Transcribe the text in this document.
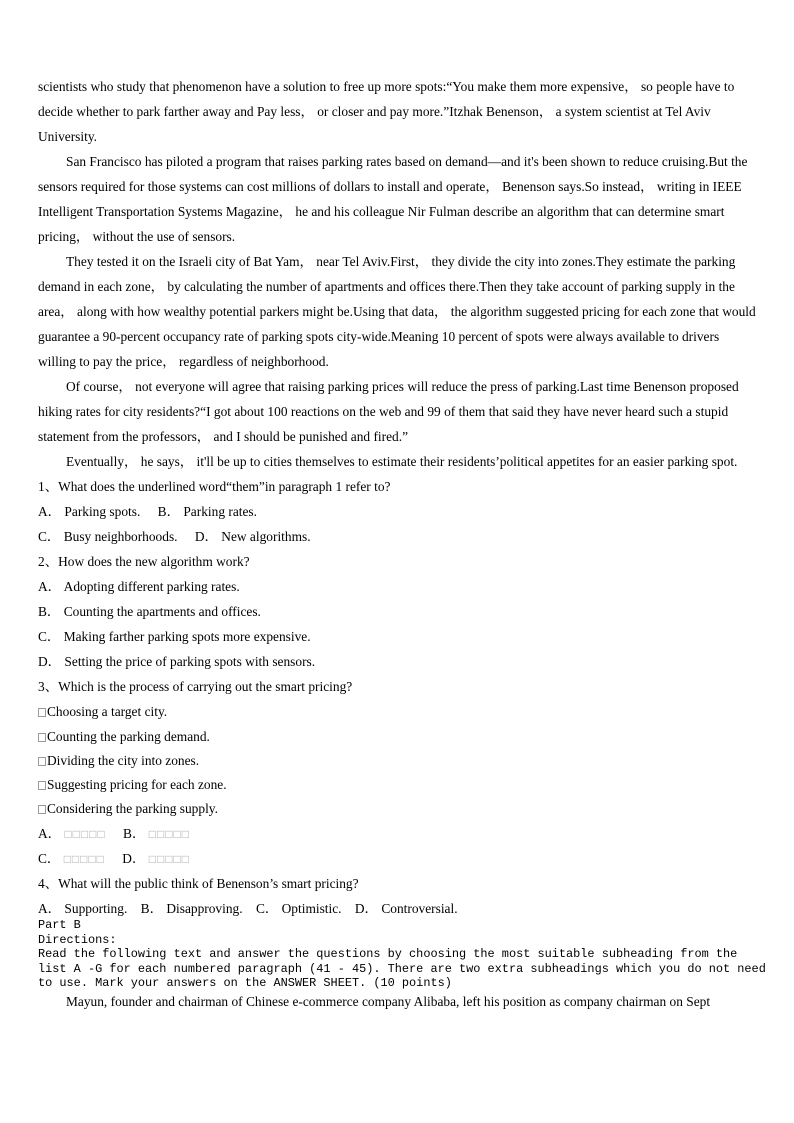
scientists who study that phenomenon have a solution to free up more spots:“You make them more expensive， so people have to decide whether to park farther away and Pay less， or closer and pay more.”Itzhak Benenson， a system scientist at Tel Aviv University.

San Francisco has piloted a program that raises parking rates based on demand—and it's been shown to reduce cruising.But the sensors required for those systems can cost millions of dollars to install and operate， Benenson says.So instead， writing in IEEE Intelligent Transportation Systems Magazine， he and his colleague Nir Fulman describe an algorithm that can determine smart pricing， without the use of sensors.

They tested it on the Israeli city of Bat Yam， near Tel Aviv.First， they divide the city into zones.They estimate the parking demand in each zone， by calculating the number of apartments and offices there.Then they take account of parking supply in the area， along with how wealthy potential parkers might be.Using that data， the algorithm suggested pricing for each zone that would guarantee a 90-percent occupancy rate of parking spots city-wide.Meaning 10 percent of spots were always available to drivers willing to pay the price， regardless of neighborhood.

Of course， not everyone will agree that raising parking prices will reduce the press of parking.Last time Benenson proposed hiking rates for city residents?“I got about 100 reactions on the web and 99 of them that said they have never heard such a stupid statement from the professors， and I should be punished and fired.”

Eventually， he says， it'll be up to cities themselves to estimate their residents’political appetites for an easier parking spot.

1、What does the underlined word“them”in paragraph 1 refer to?

A． Parking spots. B． Parking rates.

C． Busy neighborhoods. D． New algorithms.

2、How does the new algorithm work?

A． Adopting different parking rates.

B． Counting the apartments and offices.

C． Making farther parking spots more expensive.

D． Setting the price of parking spots with sensors.

3、Which is the process of carrying out the smart pricing?

Choosing a target city.

Counting the parking demand.

Dividing the city into zones.

Suggesting pricing for each zone.

Considering the parking supply.

A． □□□□□ B． □□□□□

C． □□□□□ D． □□□□□

4、What will the public think of Benenson’s smart pricing?

A． Supporting. B． Disapproving. C． Optimistic. D． Controversial.

Part B

Directions:

Read the following text and answer the questions by choosing the most suitable subheading from the

list A -G for each numbered paragraph (41 - 45). There are two extra subheadings which you do not need

to use. Mark your answers on the ANSWER SHEET. (10 points)

Mayun, founder and chairman of Chinese e-commerce company Alibaba, left his position as company chairman on Sept
